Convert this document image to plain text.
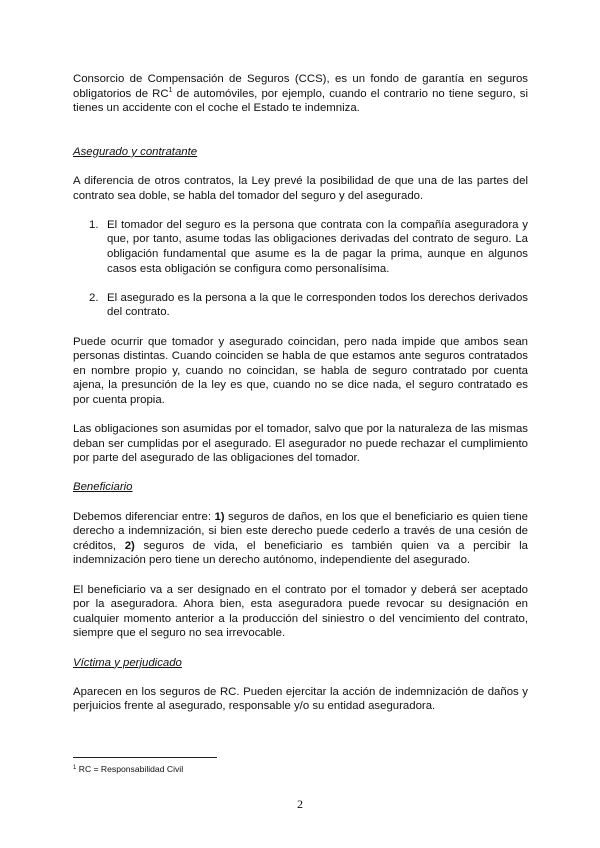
Consorcio de Compensación de Seguros (CCS), es un fondo de garantía en seguros obligatorios de $RC^1$ de automóviles, por ejemplo, cuando el contrario no tiene seguro, si tienes un accidente con el coche el Estado te indemniza.

Asegurado y contratante

A diferencia de otros contratos, la Ley prevé la posibilidad de que una de las partes del contrato sea doble, se habla del tomador del seguro y del asegurado.

1. El tomador del seguro es la persona que contrata con la compañía aseguradora y que, por tanto, asume todas las obligaciones derivadas del contrato de seguro. La obligación fundamental que asume es la de pagar la prima, aunque en algunos casos esta obligación se configura como personalísima.
2. El asegurado es la persona a la que le corresponden todos los derechos derivados del contrato.

Puede ocurrir que tomador y asegurado coincidan, pero nada impide que ambos sean personas distintas. Cuando coinciden se habla de que estamos ante seguros contratados en nombre propio y, cuando no coincidan, se habla de seguro contratado por cuenta ajena, la presunción de la ley es que, cuando no se dice nada, el seguro contratado es por cuenta propia.

Las obligaciones son asumidas por el tomador, salvo que por la naturaleza de las mismas deban ser cumplidas por el asegurado. El asegurador no puede rechazar el cumplimiento por parte del asegurado de las obligaciones del tomador.

Beneficiario

Debemos diferenciar entre: 1) seguros de daños, en los que el beneficiario es quien tiene derecho a indemnización, si bien este derecho puede cederlo a través de una cesión de créditos, 2) seguros de vida, el beneficiario es también quien va a percibir la indemnización pero tiene un derecho autónomo, independiente del asegurado.

El beneficiario va a ser designado en el contrato por el tomador y deberá ser aceptado por la aseguradora. Ahora bien, esta aseguradora puede revocar su designación en cualquier momento anterior a la producción del siniestro o del vencimiento del contrato, siempre que el seguro no sea irrevocable.

Víctima y perjudicado

Aparecen en los seguros de RC. Pueden ejercitar la acción de indemnización de daños y perjuicios frente al asegurado, responsable y/o su entidad aseguradora.

$^1$ RC = Responsabilidad Civil
2
